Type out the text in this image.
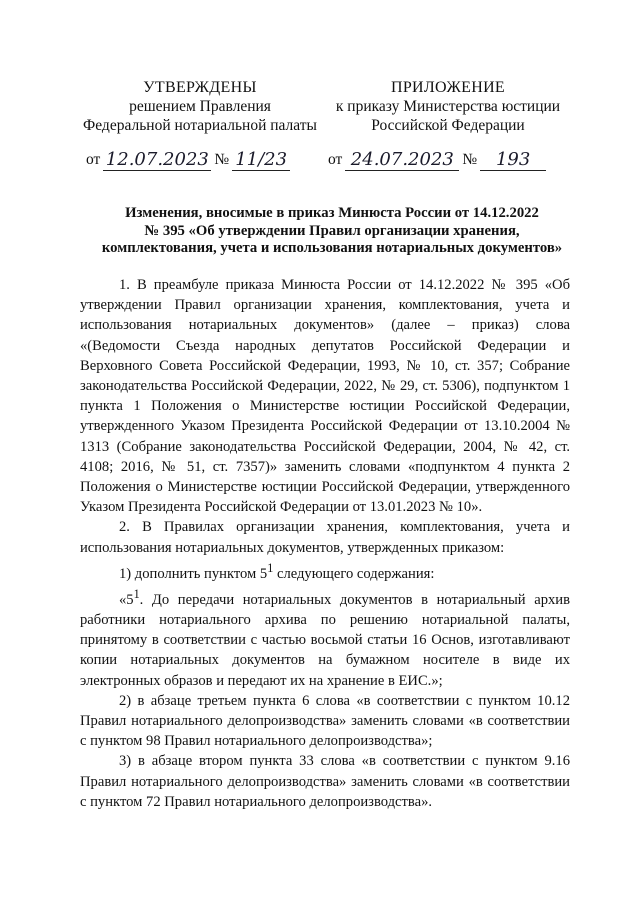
УТВЕРЖДЕНЫ
решением Правления
Федеральной нотариальной палаты
ПРИЛОЖЕНИЕ
к приказу Министерства юстиции
Российской Федерации
от 12.07.2023 № 11/23	от 24.07.2023 №	193
Изменения, вносимые в приказ Минюста России от 14.12.2022
№ 395 «Об утверждении Правил организации хранения,
комплектования, учета и использования нотариальных документов»

1. В преамбуле приказа Минюста России от 14.12.2022 № 395 «Об утверждении Правил организации хранения, комплектования, учета и использования нотариальных документов» (далее – приказ) слова «(Ведомости Съезда народных депутатов Российской Федерации и Верховного Совета Российской Федерации, 1993, № 10, ст. 357; Собрание законодательства Российской Федерации, 2022, № 29, ст. 5306), подпунктом 1 пункта 1 Положения о Министерстве юстиции Российской Федерации, утвержденного Указом Президента Российской Федерации от 13.10.2004 № 1313 (Собрание законодательства Российской Федерации, 2004, № 42, ст. 4108; 2016, № 51, ст. 7357)» заменить словами «подпунктом 4 пункта 2 Положения о Министерстве юстиции Российской Федерации, утвержденного Указом Президента Российской Федерации от 13.01.2023 № 10».

2. В Правилах организации хранения, комплектования, учета и использования нотариальных документов, утвержденных приказом:

1) дополнить пунктом $5^1$ следующего содержания:

«$5^1$. До передачи нотариальных документов в нотариальный архив работники нотариального архива по решению нотариальной палаты, принятому в соответствии с частью восьмой статьи 16 Основ, изготавливают копии нотариальных документов на бумажном носителе в виде их электронных образов и передают их на хранение в ЕИС.»;

2) в абзаце третьем пункта 6 слова «в соответствии с пунктом 10.12 Правил нотариального делопроизводства» заменить словами «в соответствии с пунктом 98 Правил нотариального делопроизводства»;

3) в абзаце втором пункта 33 слова «в соответствии с пунктом 9.16 Правил нотариального делопроизводства» заменить словами «в соответствии с пунктом 72 Правил нотариального делопроизводства».
